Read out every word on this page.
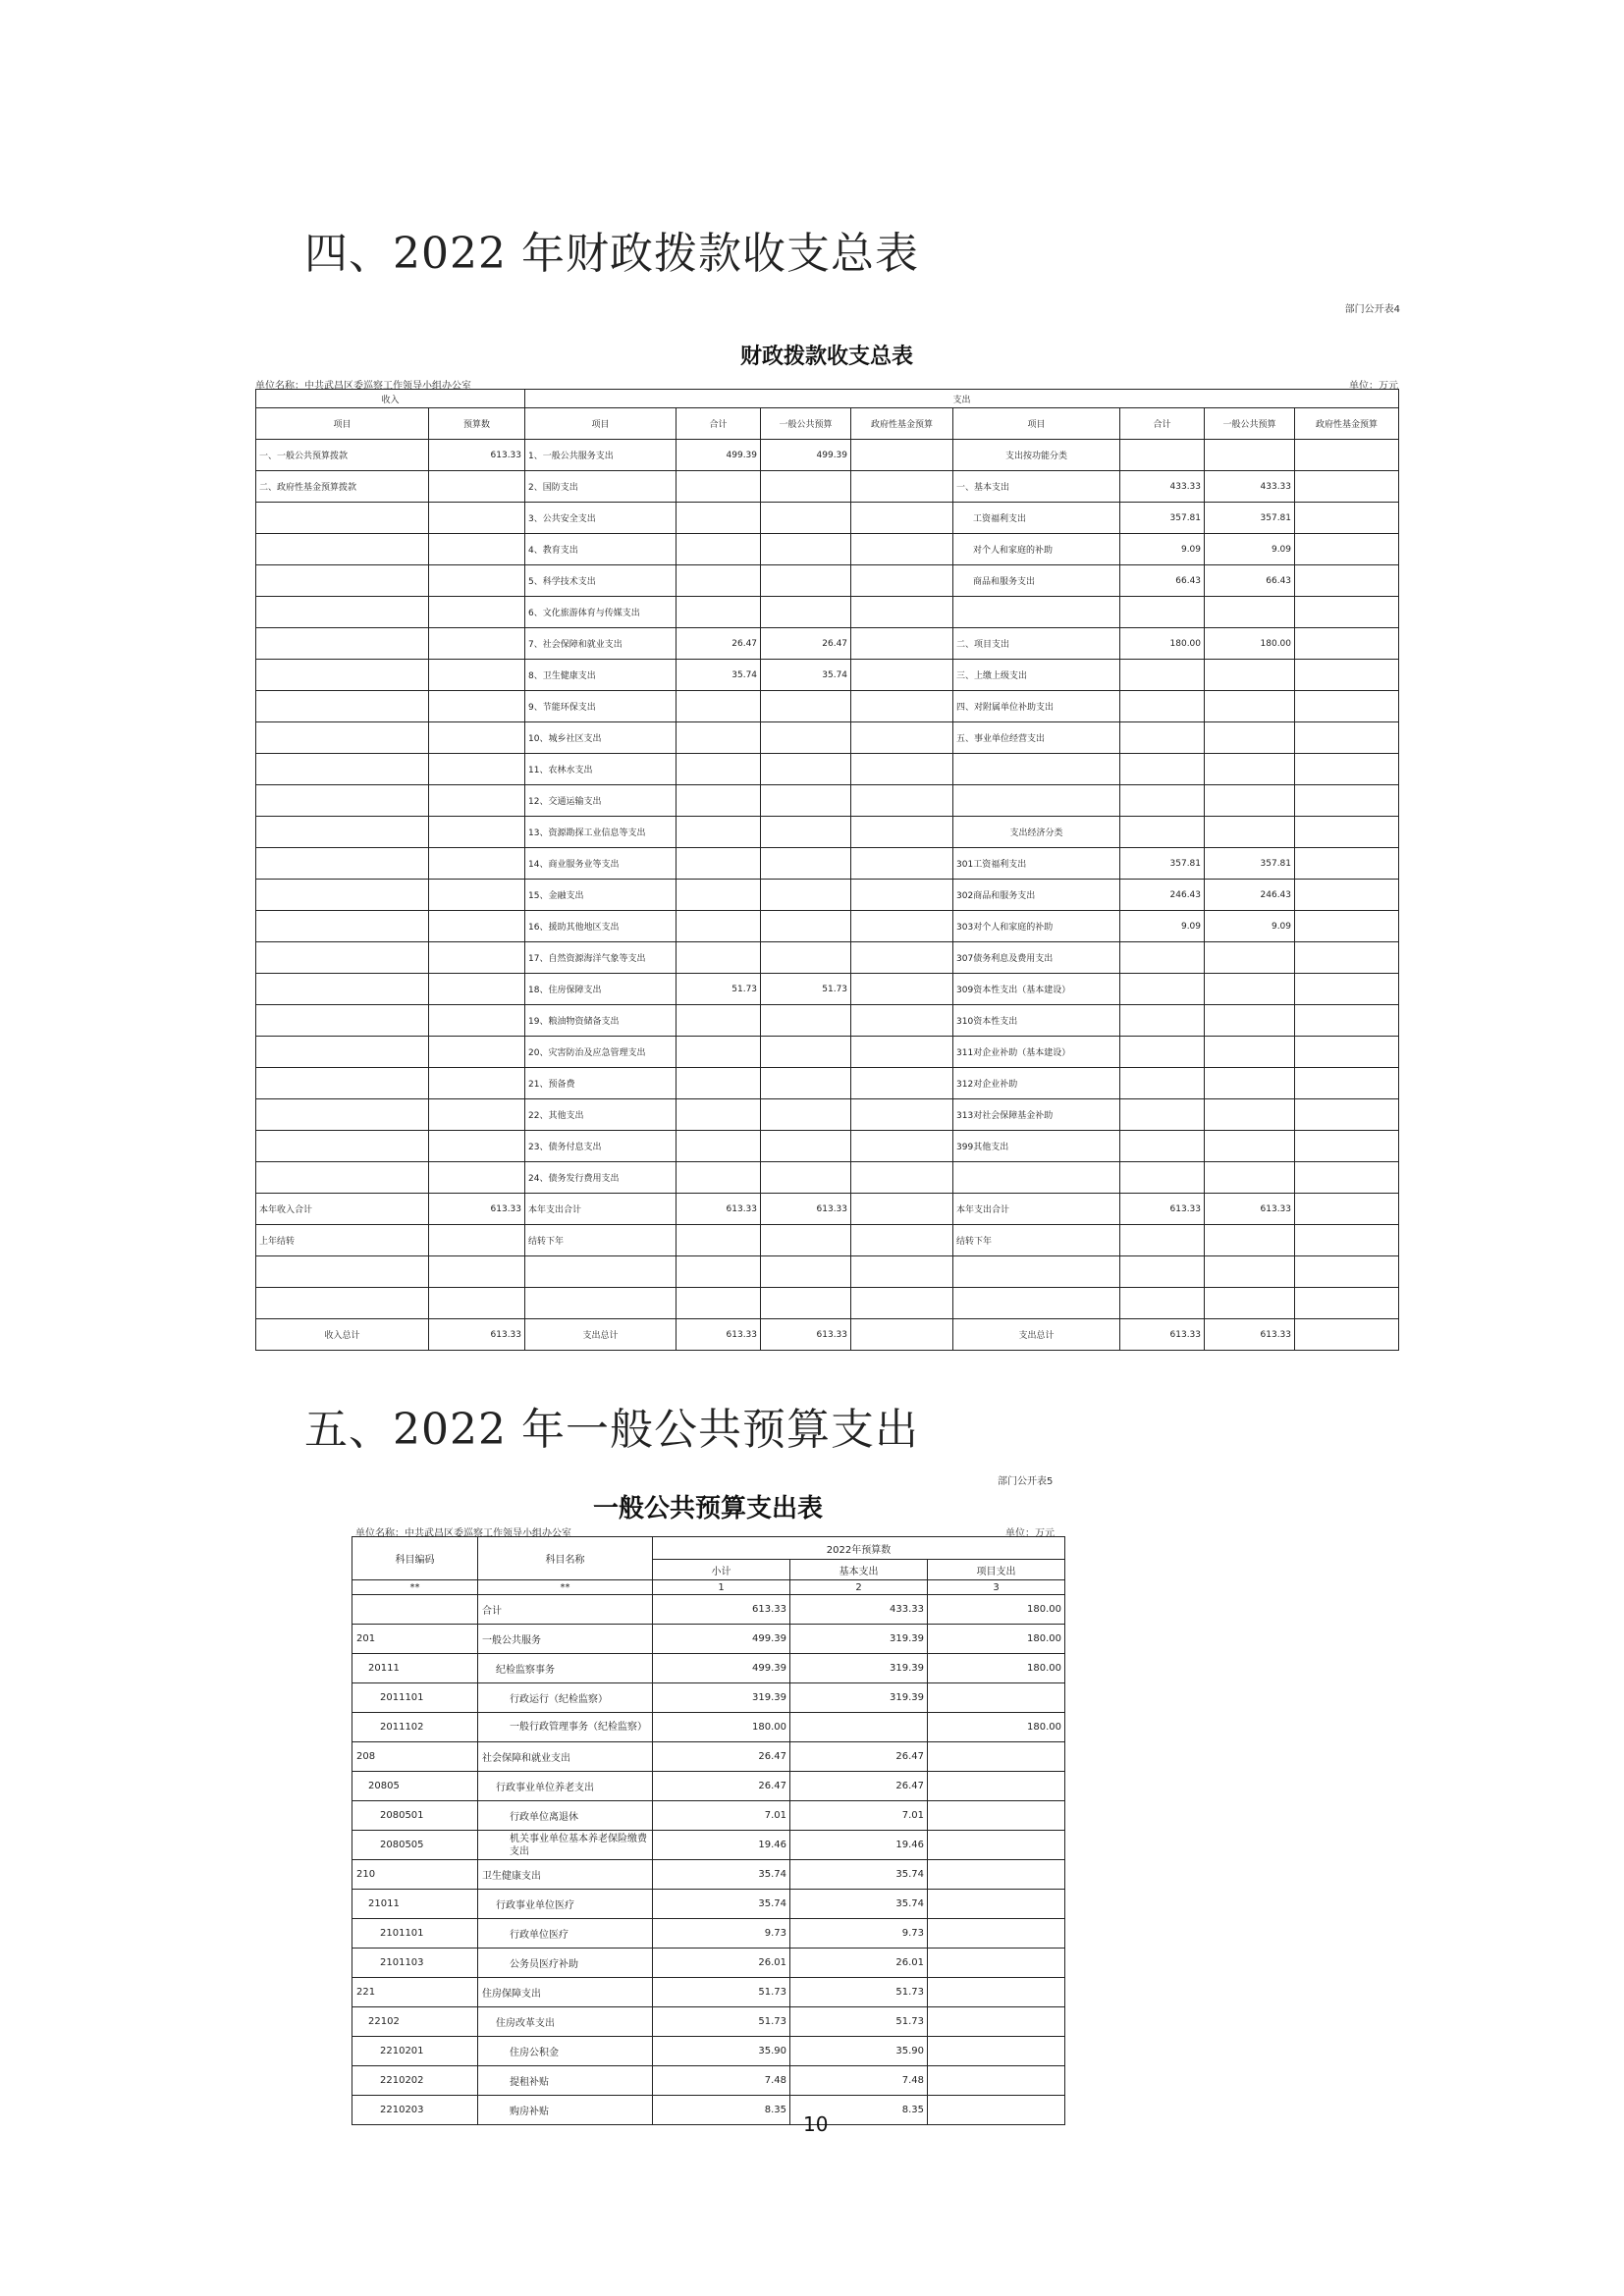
四、2022 年财政拨款收支总表
部门公开表4
财政拨款收支总表
单位名称：中共武昌区委巡察工作领导小组办公室	单位：万元
收入		支出							
项目	预算数	项目	合计	一般公共预算	政府性基金预算	项目	合计	一般公共预算	政府性基金预算
一、一般公共预算拨款	613.33	1、一般公共服务支出	499.39	499.39		支出按功能分类			
二、政府性基金预算拨款		2、国防支出				一、基本支出	433.33	433.33	
		3、公共安全支出				工资福利支出	357.81	357.81	
		4、教育支出				对个人和家庭的补助	9.09	9.09	
		5、科学技术支出				商品和服务支出	66.43	66.43	
		6、文化旅游体育与传媒支出							
		7、社会保障和就业支出	26.47	26.47		二、项目支出	180.00	180.00	
		8、卫生健康支出	35.74	35.74		三、上缴上级支出			
		9、节能环保支出				四、对附属单位补助支出			
		10、城乡社区支出				五、事业单位经营支出			
		11、农林水支出							
		12、交通运输支出							
		13、资源勘探工业信息等支出				支出经济分类			
		14、商业服务业等支出				301工资福利支出	357.81	357.81	
		15、金融支出				302商品和服务支出	246.43	246.43	
		16、援助其他地区支出				303对个人和家庭的补助	9.09	9.09	
		17、自然资源海洋气象等支出				307债务利息及费用支出			
		18、住房保障支出	51.73	51.73		309资本性支出（基本建设）			
		19、粮油物资储备支出				310资本性支出			
		20、灾害防治及应急管理支出				311对企业补助（基本建设）			
		21、预备费				312对企业补助			
		22、其他支出				313对社会保障基金补助			
		23、债务付息支出				399其他支出			
		24、债务发行费用支出							
本年收入合计	613.33	本年支出合计	613.33	613.33		本年支出合计	613.33	613.33	
上年结转		结转下年				结转下年			

收入总计	613.33	支出总计	613.33	613.33		支出总计	613.33	613.33	
五、2022 年一般公共预算支出
部门公开表5
一般公共预算支出表
单位名称：中共武昌区委巡察工作领导小组办公室	单位：万元
科目编码	科目名称	2022年预算数		
		小计	基本支出	项目支出
**	**	1	2	3
	合计	613.33	433.33	180.00
201	一般公共服务	499.39	319.39	180.00
20111	纪检监察事务	499.39	319.39	180.00
2011101	行政运行（纪检监察）	319.39	319.39	
2011102	一般行政管理事务（纪检监察）	180.00		180.00
208	社会保障和就业支出	26.47	26.47	
20805	行政事业单位养老支出	26.47	26.47	
2080501	行政单位离退休	7.01	7.01	
2080505	机关事业单位基本养老保险缴费支出	19.46	19.46	
210	卫生健康支出	35.74	35.74	
21011	行政事业单位医疗	35.74	35.74	
2101101	行政单位医疗	9.73	9.73	
2101103	公务员医疗补助	26.01	26.01	
221	住房保障支出	51.73	51.73	
22102	住房改革支出	51.73	51.73	
2210201	住房公积金	35.90	35.90	
2210202	提租补贴	7.48	7.48	
2210203	购房补贴	8.35	8.35	
10
